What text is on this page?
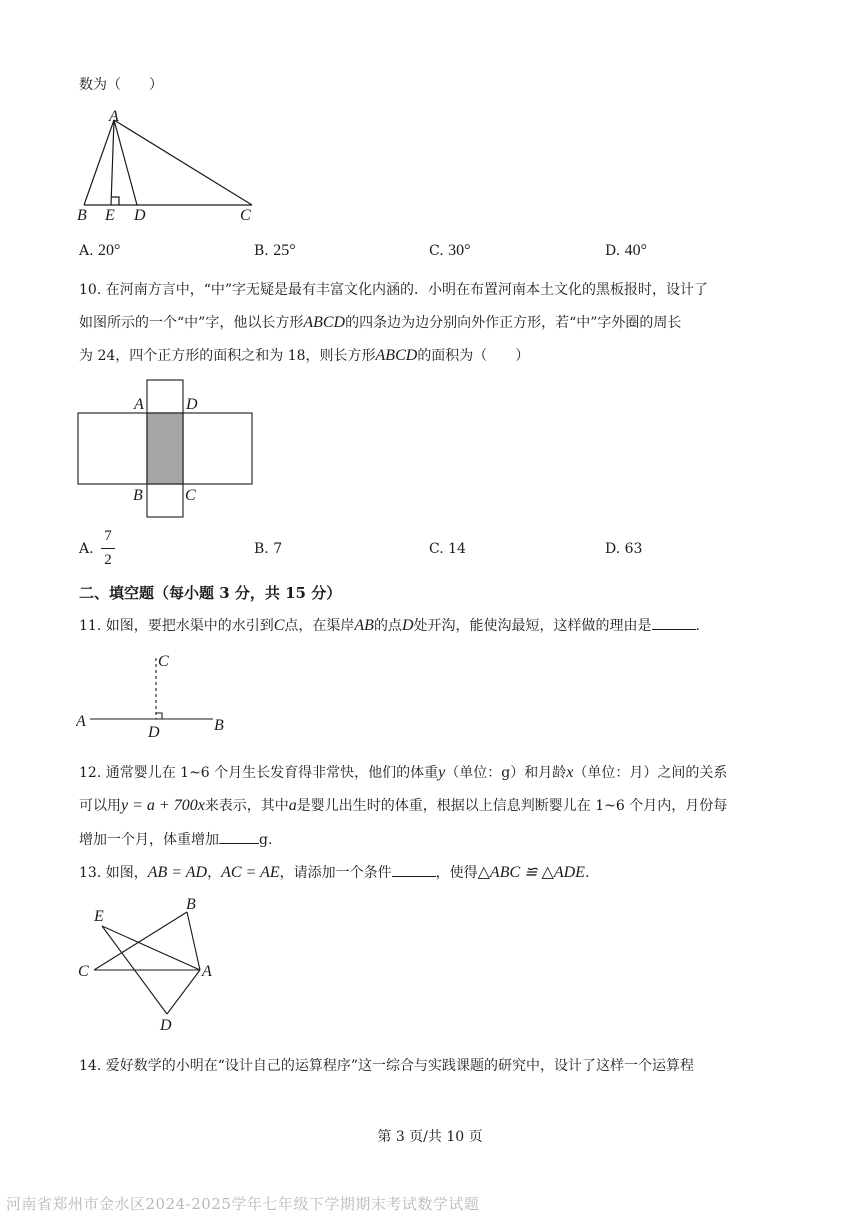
数为（　　）
A
B E D	C
A. 20°	B. 25°	C. 30°	D. 40°
10. 在河南方言中，“中”字无疑是最有丰富文化内涵的．小明在布置河南本土文化的黑板报时，设计了
如图所示的一个“中”字，他以长方形ABCD的四条边为边分别向外作正方形，若“中”字外圈的周长
为 24，四个正方形的面积之和为 18，则长方形ABCD的面积为（　　）
A	D
B	C
A.
7
2
B. 7	C. 14	D. 63
二、填空题（每小题 3 分，共 15 分）
11. 如图，要把水渠中的水引到C点，在渠岸AB的点D处开沟，能使沟最短，这样做的理由是	.
C
A	B
D
12. 通常婴儿在 1~6 个月生长发育得非常快，他们的体重y（单位：g）和月龄x（单位：月）之间的关系
可以用y = a + 700x来表示，其中a是婴儿出生时的体重，根据以上信息判断婴儿在 1~6 个月内，月份每
增加一个月，体重增加	g.
13. 如图，AB = AD，AC = AE，请添加一个条件	，使得△ABC ≌ △ADE.
E
B
C	A
D
14. 爱好数学的小明在“设计自己的运算程序”这一综合与实践课题的研究中，设计了这样一个运算程
第 3 页/共 10 页
河南省郑州市金水区2024-2025学年七年级下学期期末考试数学试题
